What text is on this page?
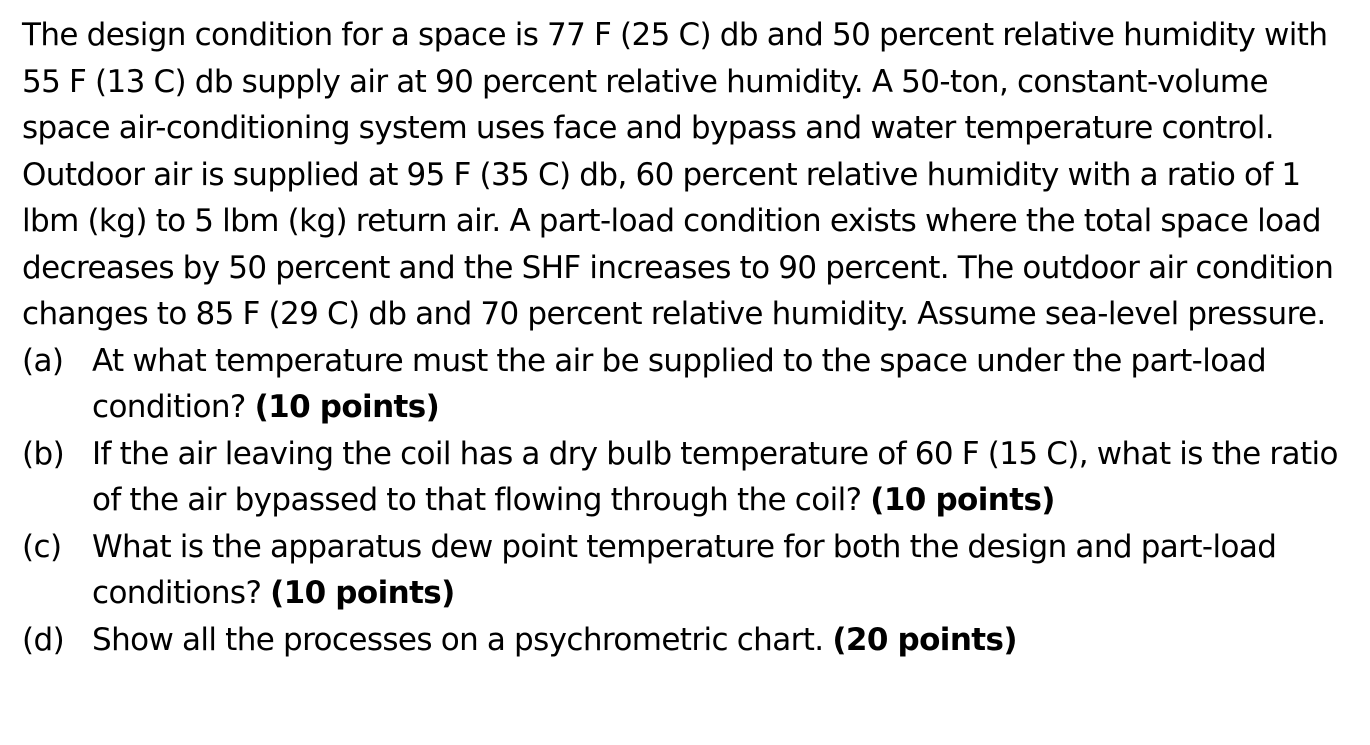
The design condition for a space is 77 F (25 C) db and 50 percent relative humidity with 55 F (13 C) db supply air at 90 percent relative humidity. A 50-ton, constant-volume space air-conditioning system uses face and bypass and water temperature control. Outdoor air is supplied at 95 F (35 C) db, 60 percent relative humidity with a ratio of 1 lbm (kg) to 5 lbm (kg) return air. A part-load condition exists where the total space load decreases by 50 percent and the SHF increases to 90 percent. The outdoor air condition changes to 85 F (29 C) db and 70 percent relative humidity. Assume sea-level pressure.

(a) At what temperature must the air be supplied to the space under the part-load condition? (10 points)
(b) If the air leaving the coil has a dry bulb temperature of 60 F (15 C), what is the ratio of the air bypassed to that flowing through the coil? (10 points)
(c) What is the apparatus dew point temperature for both the design and part-load conditions? (10 points)
(d) Show all the processes on a psychrometric chart. (20 points)
